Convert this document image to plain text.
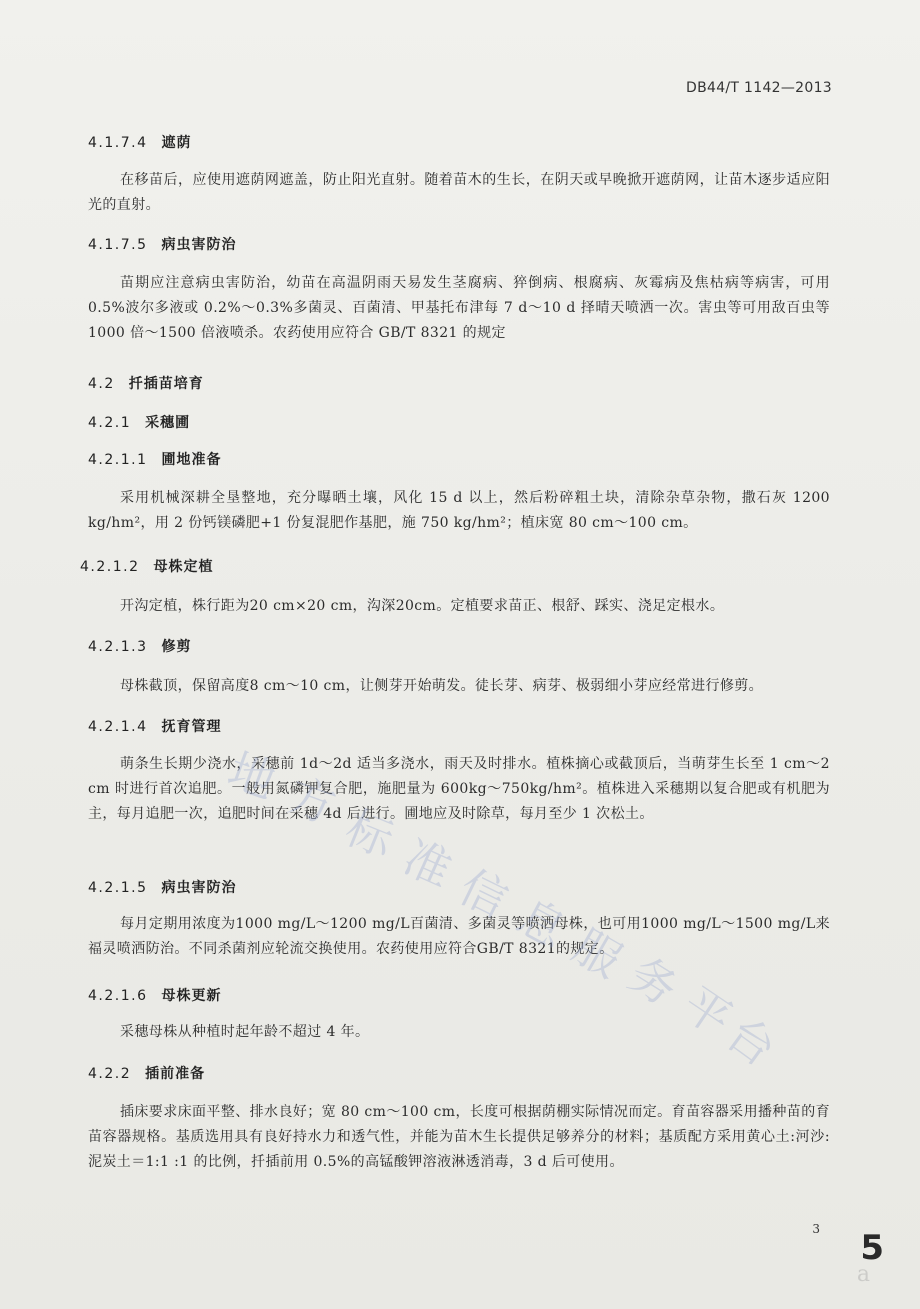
DB44/T 1142—2013
4.1.7.4 遮荫
在移苗后，应使用遮荫网遮盖，防止阳光直射。随着苗木的生长，在阴天或早晚掀开遮荫网，让苗木逐步适应阳光的直射。
4.1.7.5 病虫害防治
苗期应注意病虫害防治，幼苗在高温阴雨天易发生茎腐病、猝倒病、根腐病、灰霉病及焦枯病等病害，可用 0.5%波尔多液或 0.2%～0.3%多菌灵、百菌清、甲基托布津每 7 d～10 d 择晴天喷洒一次。害虫等可用敌百虫等 1000 倍～1500 倍液喷杀。农药使用应符合 GB/T 8321 的规定
4.2 扦插苗培育
4.2.1 采穗圃
4.2.1.1 圃地准备
采用机械深耕全垦整地，充分曝晒土壤，风化 15 d 以上，然后粉碎粗土块，清除杂草杂物，撒石灰 1200 kg/hm²，用 2 份钙镁磷肥+1 份复混肥作基肥，施 750 kg/hm²；植床宽 80 cm～100 cm。
4.2.1.2 母株定植
开沟定植，株行距为20 cm×20 cm，沟深20cm。定植要求苗正、根舒、踩实、浇足定根水。
4.2.1.3 修剪
母株截顶，保留高度8 cm～10 cm，让侧芽开始萌发。徒长芽、病芽、极弱细小芽应经常进行修剪。
4.2.1.4 抚育管理
萌条生长期少浇水，采穗前 1d～2d 适当多浇水，雨天及时排水。植株摘心或截顶后，当萌芽生长至 1 cm～2 cm 时进行首次追肥。一般用氮磷钾复合肥，施肥量为 600kg～750kg/hm²。植株进入采穗期以复合肥或有机肥为主，每月追肥一次，追肥时间在采穗 4d 后进行。圃地应及时除草，每月至少 1 次松土。
4.2.1.5 病虫害防治
每月定期用浓度为1000 mg/L～1200 mg/L百菌清、多菌灵等喷洒母株，也可用1000 mg/L～1500 mg/L来福灵喷洒防治。不同杀菌剂应轮流交换使用。农药使用应符合GB/T 8321的规定。
4.2.1.6 母株更新
采穗母株从种植时起年龄不超过 4 年。
4.2.2 插前准备
插床要求床面平整、排水良好；宽 80 cm～100 cm，长度可根据荫棚实际情况而定。育苗容器采用播种苗的育苗容器规格。基质选用具有良好持水力和透气性，并能为苗木生长提供足够养分的材料；基质配方采用黄心土:河沙:泥炭土＝1:1 :1 的比例，扦插前用 0.5%的高锰酸钾溶液淋透消毒，3 d 后可使用。
地
方
标
准
信
息
服
务
平
台
3 5
a
